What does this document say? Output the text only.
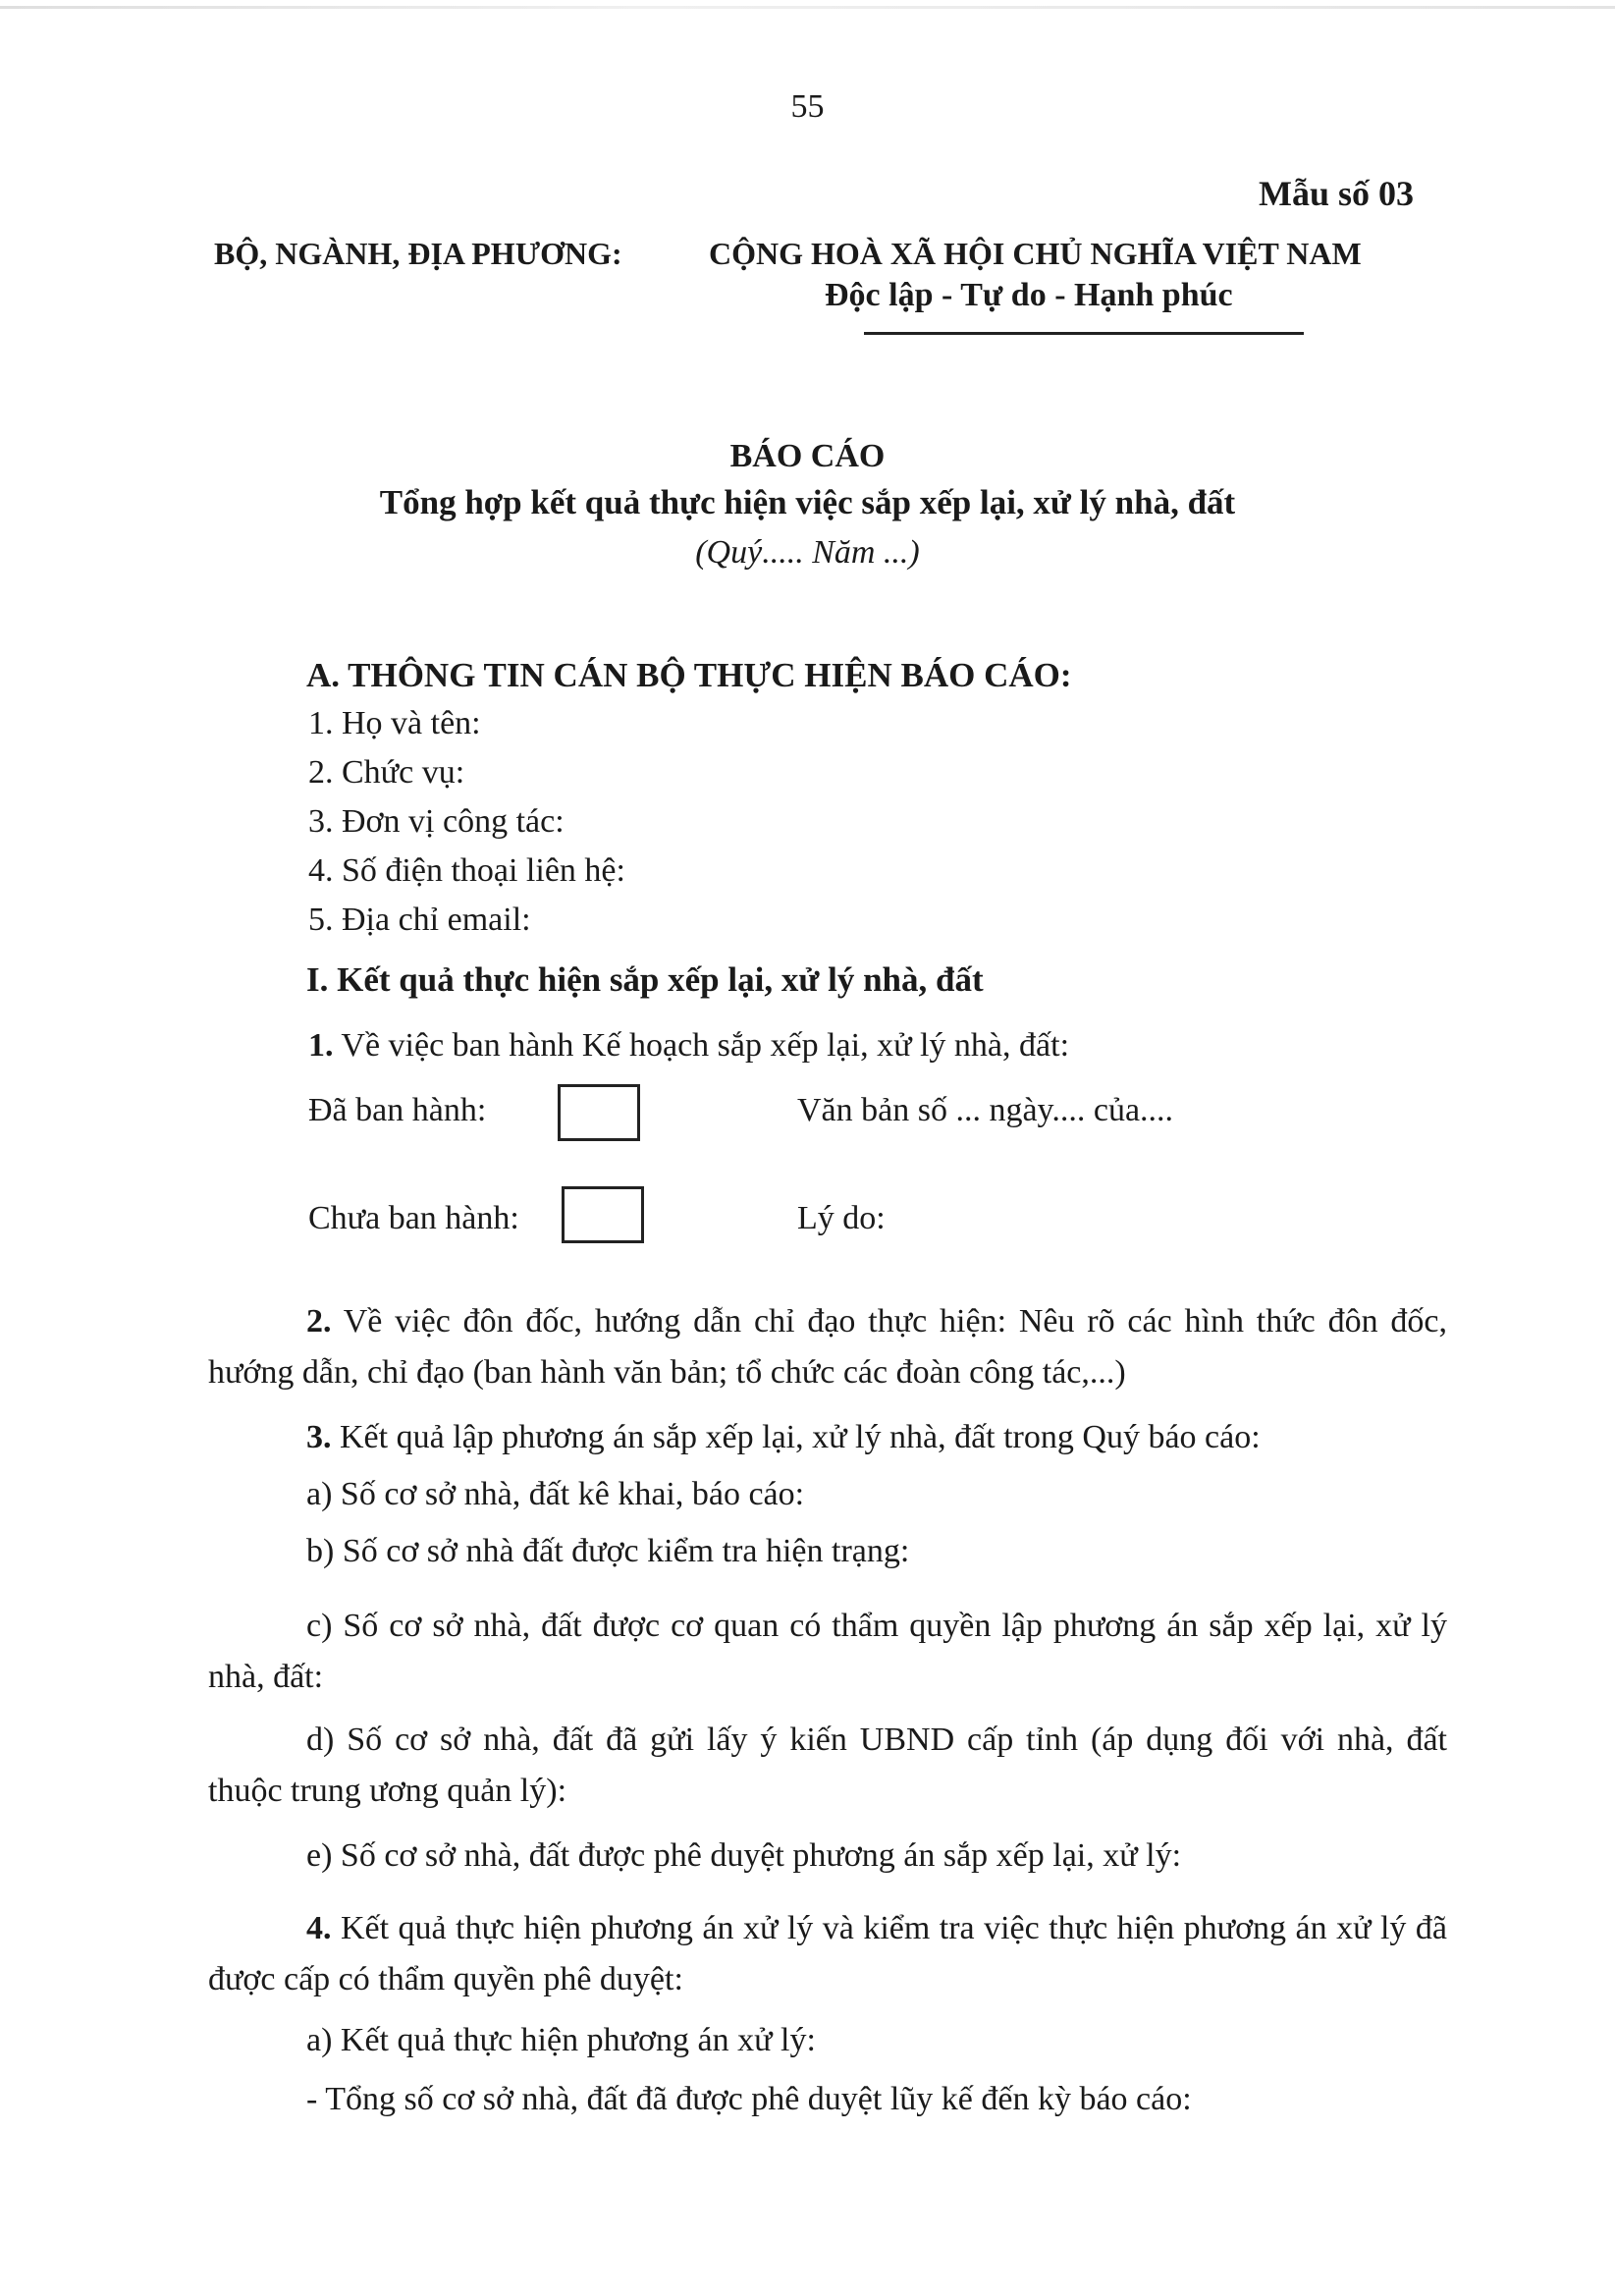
55
Mẫu số 03
BỘ, NGÀNH, ĐỊA PHƯƠNG:	CỘNG HOÀ XÃ HỘI CHỦ NGHĨA VIỆT NAM
Độc lập - Tự do - Hạnh phúc
BÁO CÁO
Tổng hợp kết quả thực hiện việc sắp xếp lại, xử lý nhà, đất
(Quý..... Năm ...)
A. THÔNG TIN CÁN BỘ THỰC HIỆN BÁO CÁO:
1. Họ và tên:
2. Chức vụ:
3. Đơn vị công tác:
4. Số điện thoại liên hệ:
5. Địa chỉ email:
I. Kết quả thực hiện sắp xếp lại, xử lý nhà, đất
1. Về việc ban hành Kế hoạch sắp xếp lại, xử lý nhà, đất:
Đã ban hành:	Văn bản số ... ngày.... của....
Chưa ban hành:	Lý do:
2. Về việc đôn đốc, hướng dẫn chỉ đạo thực hiện: Nêu rõ các hình thức đôn đốc, hướng dẫn, chỉ đạo (ban hành văn bản; tổ chức các đoàn công tác,...)
3. Kết quả lập phương án sắp xếp lại, xử lý nhà, đất trong Quý báo cáo:
a) Số cơ sở nhà, đất kê khai, báo cáo:
b) Số cơ sở nhà đất được kiểm tra hiện trạng:
c) Số cơ sở nhà, đất được cơ quan có thẩm quyền lập phương án sắp xếp lại, xử lý nhà, đất:
d) Số cơ sở nhà, đất đã gửi lấy ý kiến UBND cấp tỉnh (áp dụng đối với nhà, đất thuộc trung ương quản lý):
e) Số cơ sở nhà, đất được phê duyệt phương án sắp xếp lại, xử lý:
4. Kết quả thực hiện phương án xử lý và kiểm tra việc thực hiện phương án xử lý đã được cấp có thẩm quyền phê duyệt:
a) Kết quả thực hiện phương án xử lý:
- Tổng số cơ sở nhà, đất đã được phê duyệt lũy kế đến kỳ báo cáo:
